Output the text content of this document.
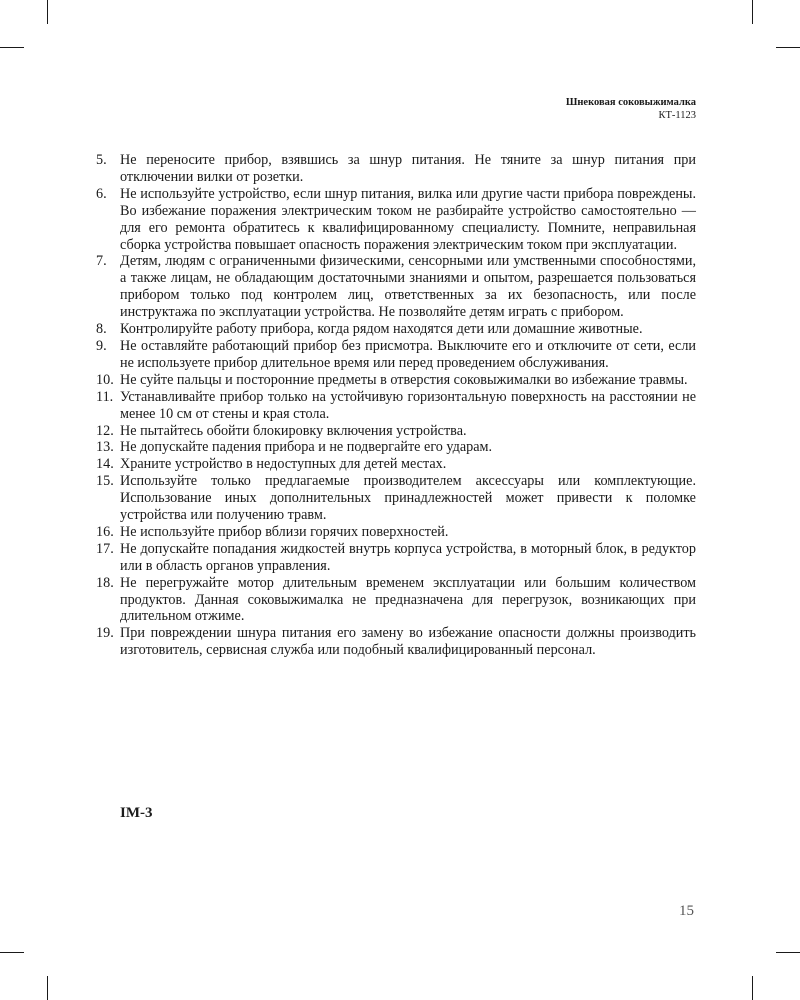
Шнековая соковыжималка
КТ-1123
5. Не переносите прибор, взявшись за шнур питания. Не тяните за шнур питания при отключении вилки от розетки.
6. Не используйте устройство, если шнур питания, вилка или другие части прибора повреждены. Во избежание поражения электрическим током не разбирайте устройство самостоятельно — для его ремонта обратитесь к квалифицированному специалисту. Помните, неправильная сборка устройства повышает опасность поражения электрическим током при эксплуатации.
7. Детям, людям с ограниченными физическими, сенсорными или умственными способностями, а также лицам, не обладающим достаточными знаниями и опытом, разрешается пользоваться прибором только под контролем лиц, ответственных за их безопасность, или после инструктажа по эксплуатации устройства. Не позволяйте детям играть с прибором.
8. Контролируйте работу прибора, когда рядом находятся дети или домашние животные.
9. Не оставляйте работающий прибор без присмотра. Выключите его и отключите от сети, если не используете прибор длительное время или перед проведением обслуживания.
10. Не суйте пальцы и посторонние предметы в отверстия соковыжималки во избежание травмы.
11. Устанавливайте прибор только на устойчивую горизонтальную поверхность на расстоянии не менее 10 см от стены и края стола.
12. Не пытайтесь обойти блокировку включения устройства.
13. Не допускайте падения прибора и не подвергайте его ударам.
14. Храните устройство в недоступных для детей местах.
15. Используйте только предлагаемые производителем аксессуары или комплектующие. Использование иных дополнительных принадлежностей может привести к поломке устройства или получению травм.
16. Не используйте прибор вблизи горячих поверхностей.
17. Не допускайте попадания жидкостей внутрь корпуса устройства, в моторный блок, в редуктор или в область органов управления.
18. Не перегружайте мотор длительным временем эксплуатации или большим количеством продуктов. Данная соковыжималка не предназначена для перегрузок, возникающих при длительном отжиме.
19. При повреждении шнура питания его замену во избежание опасности должны производить изготовитель, сервисная служба или подобный квалифицированный персонал.
IM-3
15
